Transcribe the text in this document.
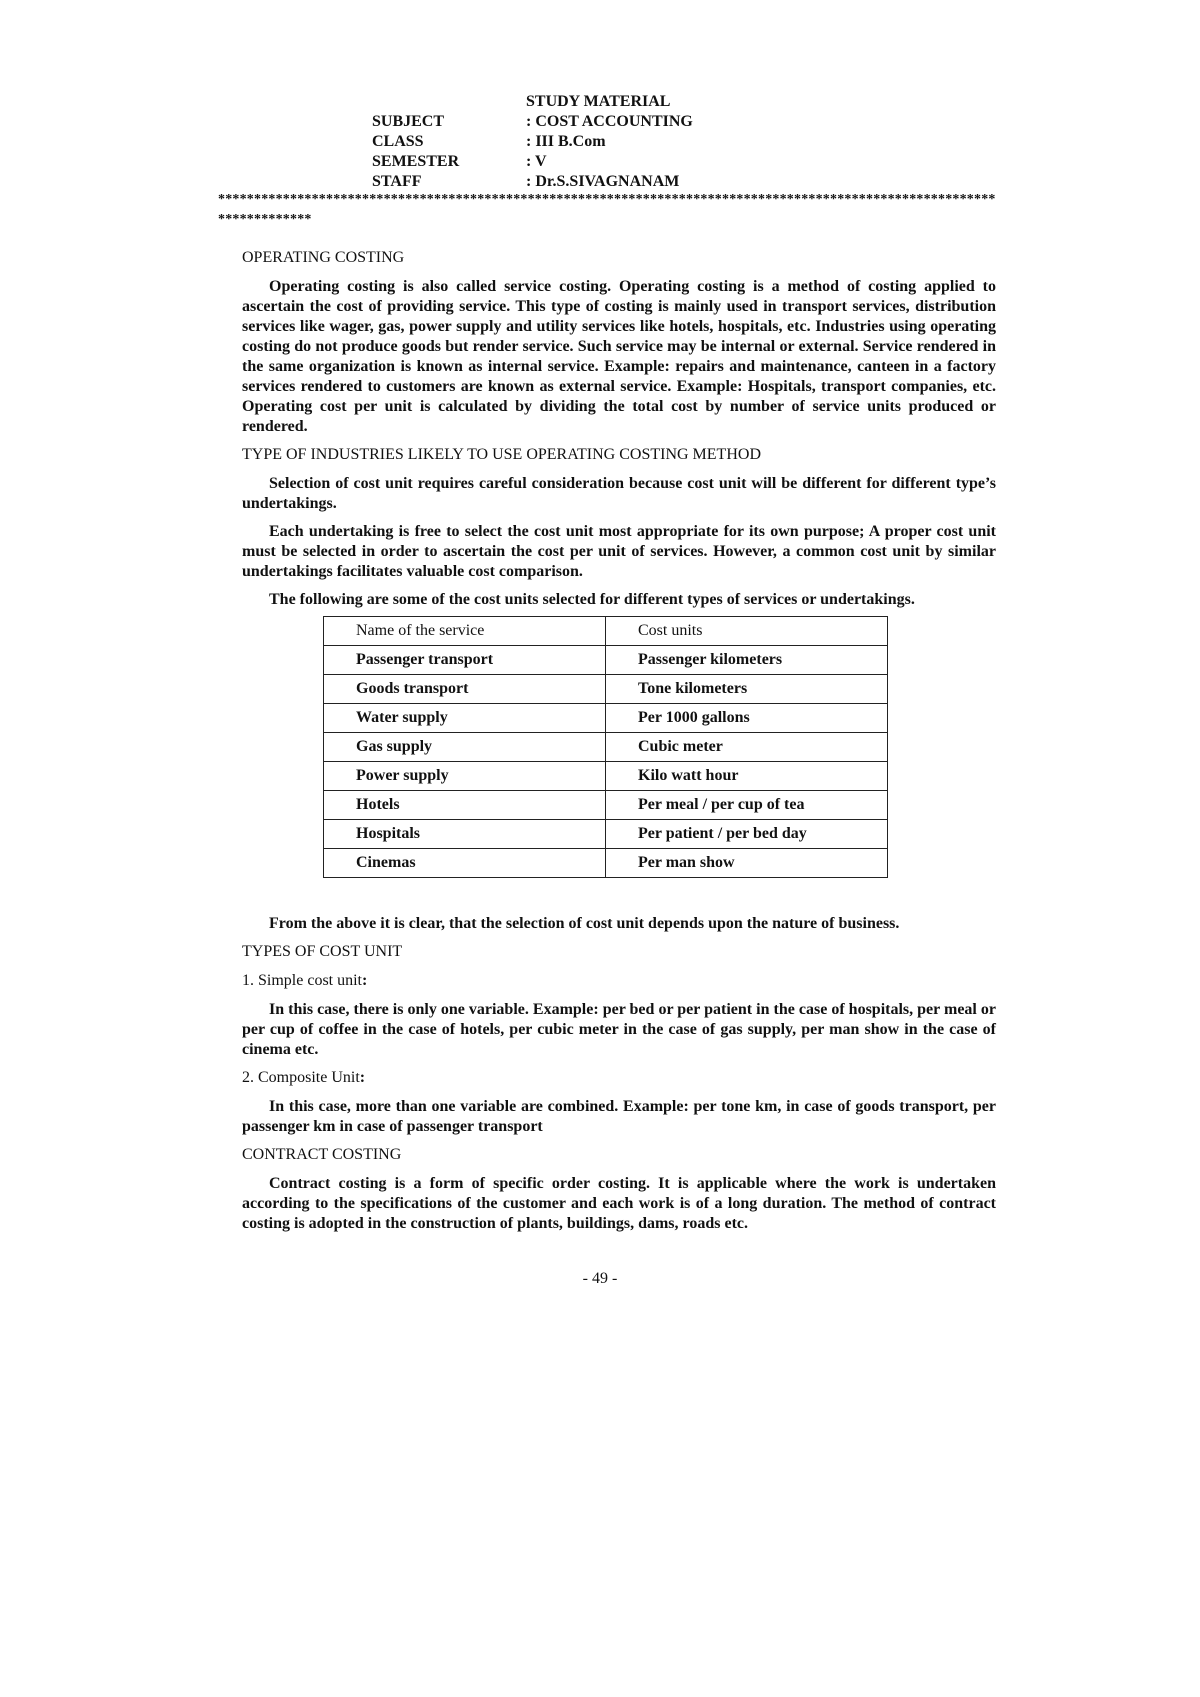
STUDY MATERIAL
SUBJECT	: COST ACCOUNTING
CLASS	: III B.Com
SEMESTER	: V
STAFF	: Dr.S.SIVAGNANAM
*************************************************************************************************************************
OPERATING COSTING

Operating costing is also called service costing. Operating costing is a method of costing applied to ascertain the cost of providing service. This type of costing is mainly used in transport services, distribution services like wager, gas, power supply and utility services like hotels, hospitals, etc. Industries using operating costing do not produce goods but render service. Such service may be internal or external. Service rendered in the same organization is known as internal service. Example: repairs and maintenance, canteen in a factory services rendered to customers are known as external service. Example: Hospitals, transport companies, etc. Operating cost per unit is calculated by dividing the total cost by number of service units produced or rendered.

TYPE OF INDUSTRIES LIKELY TO USE OPERATING COSTING METHOD

Selection of cost unit requires careful consideration because cost unit will be different for different type’s undertakings.

Each undertaking is free to select the cost unit most appropriate for its own purpose; A proper cost unit must be selected in order to ascertain the cost per unit of services. However, a common cost unit by similar undertakings facilitates valuable cost comparison.

The following are some of the cost units selected for different types of services or undertakings.

Name of the service	Cost units
Passenger transport	Passenger kilometers
Goods transport	Tone kilometers
Water supply	Per 1000 gallons
Gas supply	Cubic meter
Power supply	Kilo watt hour
Hotels	Per meal / per cup of tea
Hospitals	Per patient / per bed day
Cinemas	Per man show

From the above it is clear, that the selection of cost unit depends upon the nature of business.

TYPES OF COST UNIT
1. Simple cost unit:

In this case, there is only one variable. Example: per bed or per patient in the case of hospitals, per meal or per cup of coffee in the case of hotels, per cubic meter in the case of gas supply, per man show in the case of cinema etc.

2. Composite Unit:

In this case, more than one variable are combined. Example: per tone km, in case of goods transport, per passenger km in case of passenger transport

CONTRACT COSTING

Contract costing is a form of specific order costing. It is applicable where the work is undertaken according to the specifications of the customer and each work is of a long duration. The method of contract costing is adopted in the construction of plants, buildings, dams, roads etc.

- 49 -
